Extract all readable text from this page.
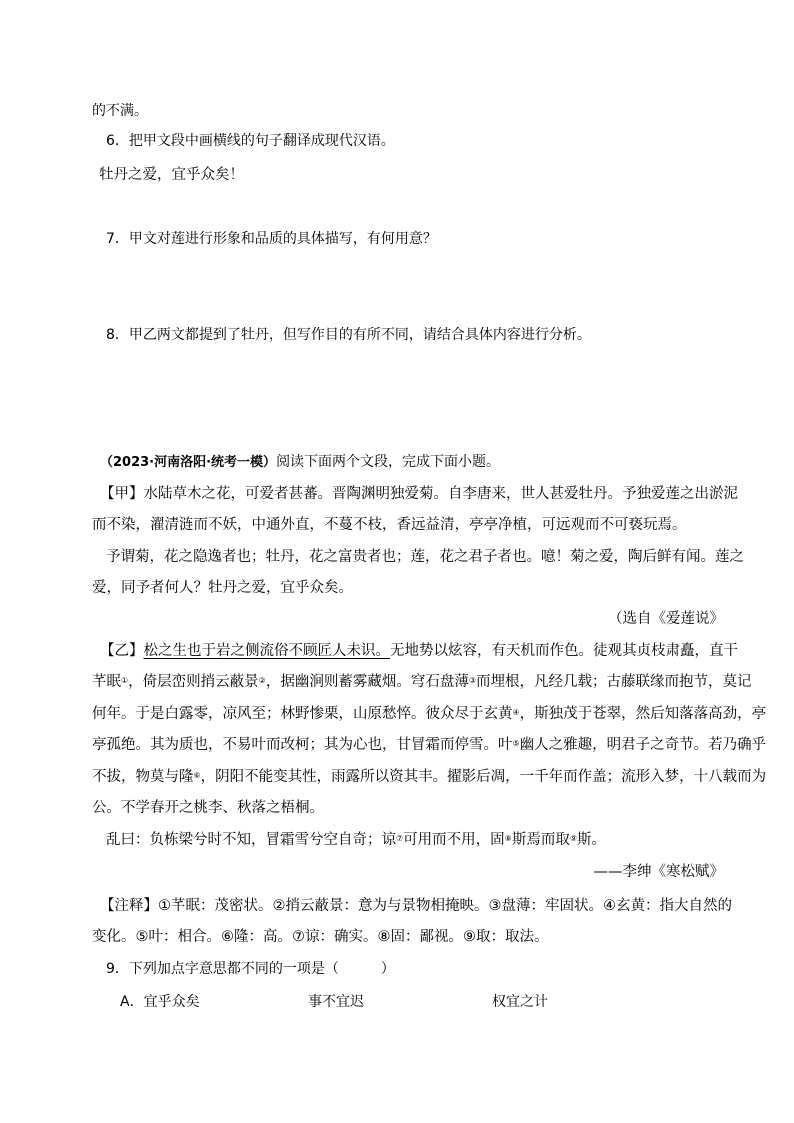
的不满。
6．把甲文段中画横线的句子翻译成现代汉语。
牡丹之爱，宜乎众矣！
7．甲文对莲进行形象和品质的具体描写，有何用意？
8．甲乙两文都提到了牡丹，但写作目的有所不同，请结合具体内容进行分析。
（2023·河南洛阳·统考一模）阅读下面两个文段，完成下面小题。
【甲】水陆草木之花，可爱者甚蕃。晋陶渊明独爱菊。自李唐来，世人甚爱牡丹。予独爱莲之出淤泥
而不染，濯清涟而不妖，中通外直，不蔓不枝，香远益清，亭亭净植，可远观而不可亵玩焉。
予谓菊，花之隐逸者也；牡丹，花之富贵者也；莲，花之君子者也。噫！菊之爱，陶后鲜有闻。莲之
爱，同予者何人？牡丹之爱，宜乎众矣。
（选自《爱莲说》
【乙】松之生也于岩之侧流俗不顾匠人未识。无地势以炫容，有天机而作色。徒观其贞枝肃矗，直干
芊眠①，倚层峦则捎云蔽景②，据幽涧则蓄雾藏烟。穹石盘薄③而埋根，凡经几载；古藤联缘而抱节，莫记
何年。于是白露零，凉风至；林野惨栗，山原愁悴。彼众尽于玄黄④，斯独茂于苍翠，然后知落落高劲，亭
亭孤绝。其为质也，不易叶而改柯；其为心也，甘冒霜而停雪。叶⑤幽人之雅趣，明君子之奇节。若乃确乎
不拔，物莫与隆⑥，阴阳不能变其性，雨露所以资其丰。擢影后凋，一千年而作盖；流形入梦，十八载而为
公。不学春开之桃李、秋落之梧桐。
乱曰：负栋梁兮时不知，冒霜雪兮空自奇；谅⑦可用而不用，固⑧斯焉而取⑨斯。
——李绅《寒松赋》
【注释】①芊眠：茂密状。②捎云蔽景：意为与景物相掩映。③盘薄：牢固状。④玄黄：指大自然的
变化。⑤叶：相合。⑥隆：高。⑦谅：确实。⑧固：鄙视。⑨取：取法。
9．下列加点字意思都不同的一项是（　　　）
A．宜乎众矣	事不宜迟	权宜之计
